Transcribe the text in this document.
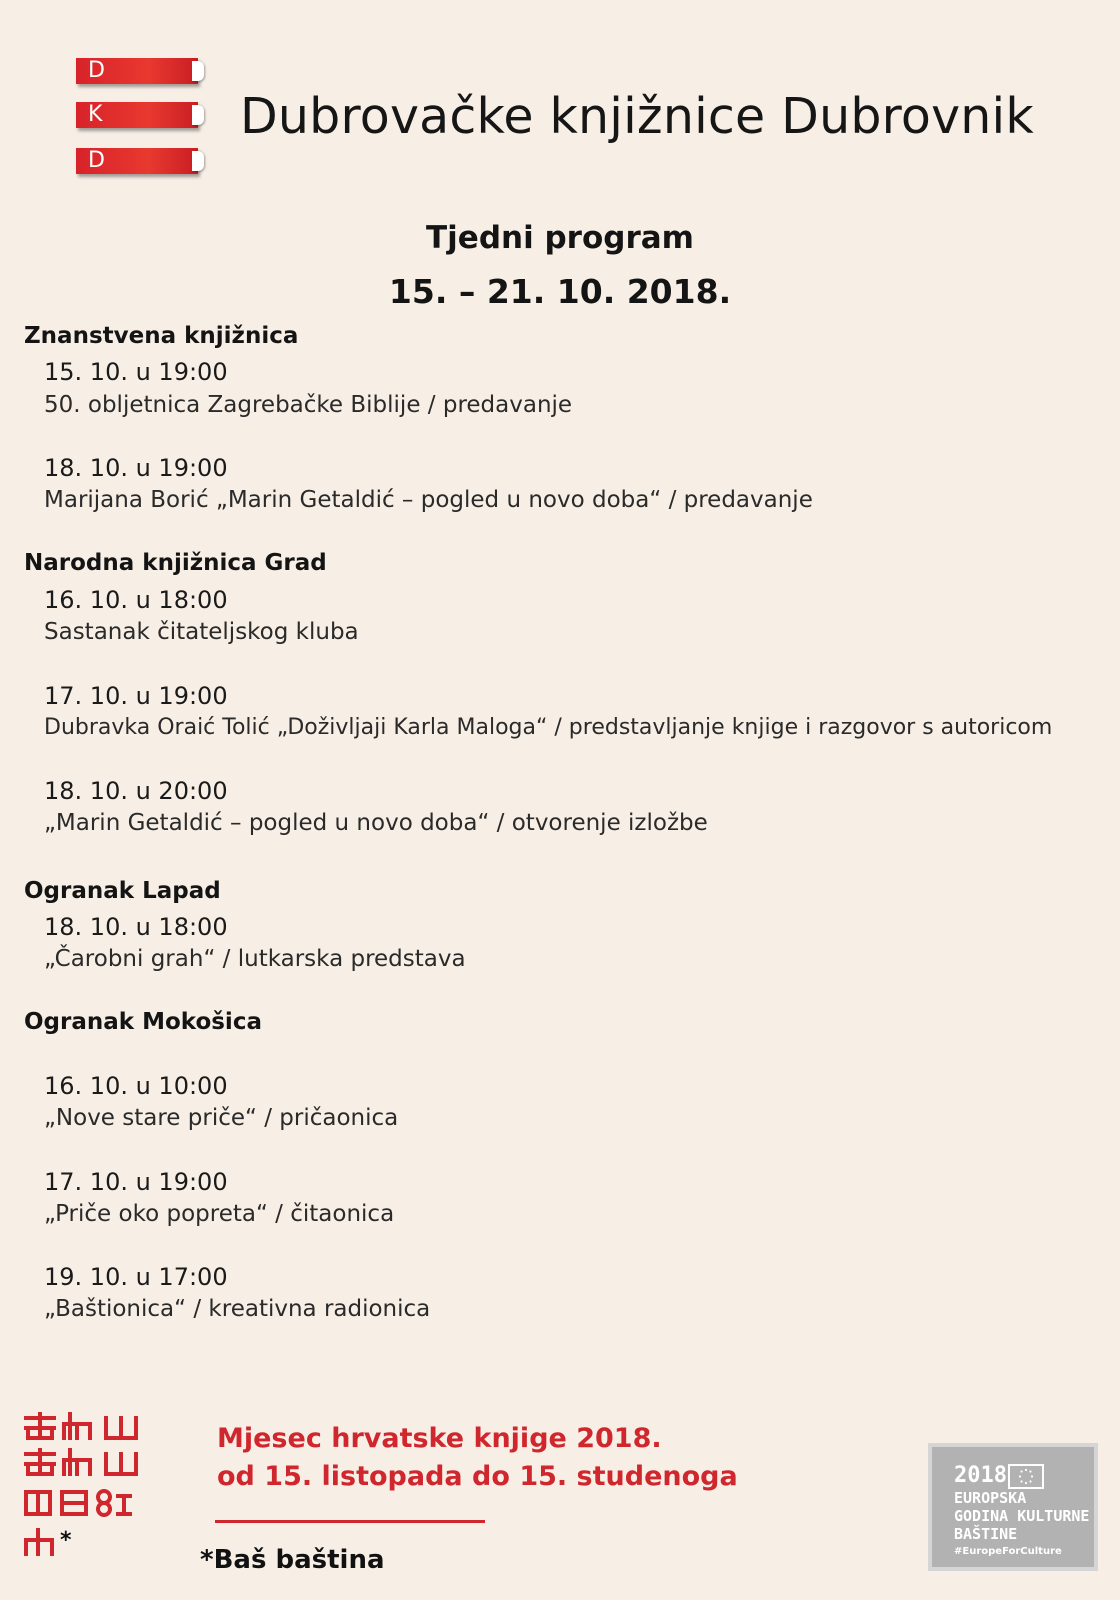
D
K
D
Dubrovačke knjižnice Dubrovnik
Tjedni program
15. – 21. 10. 2018.
Znanstvena knjižnica
15. 10. u 19:00
50. obljetnica Zagrebačke Biblije / predavanje
18. 10. u 19:00
Marijana Borić „Marin Getaldić – pogled u novo doba“ / predavanje
Narodna knjižnica Grad
16. 10. u 18:00
Sastanak čitateljskog kluba
17. 10. u 19:00
Dubravka Oraić Tolić „Doživljaji Karla Maloga“ / predstavljanje knjige i razgovor s autoricom
18. 10. u 20:00
„Marin Getaldić – pogled u novo doba“ / otvorenje izložbe
Ogranak Lapad
18. 10. u 18:00
„Čarobni grah“ / lutkarska predstava
Ogranak Mokošica
16. 10. u 10:00
„Nove stare priče“ / pričaonica
17. 10. u 19:00
„Priče oko popreta“ / čitaonica
19. 10. u 17:00
„Baštionica“ / kreativna radionica
*
Mjesec hrvatske knjige 2018.
od 15. listopada do 15. studenoga
*Baš baština
2018
EUROPSKA
GODINA KULTURNE
BAŠTINE
#EuropeForCulture
